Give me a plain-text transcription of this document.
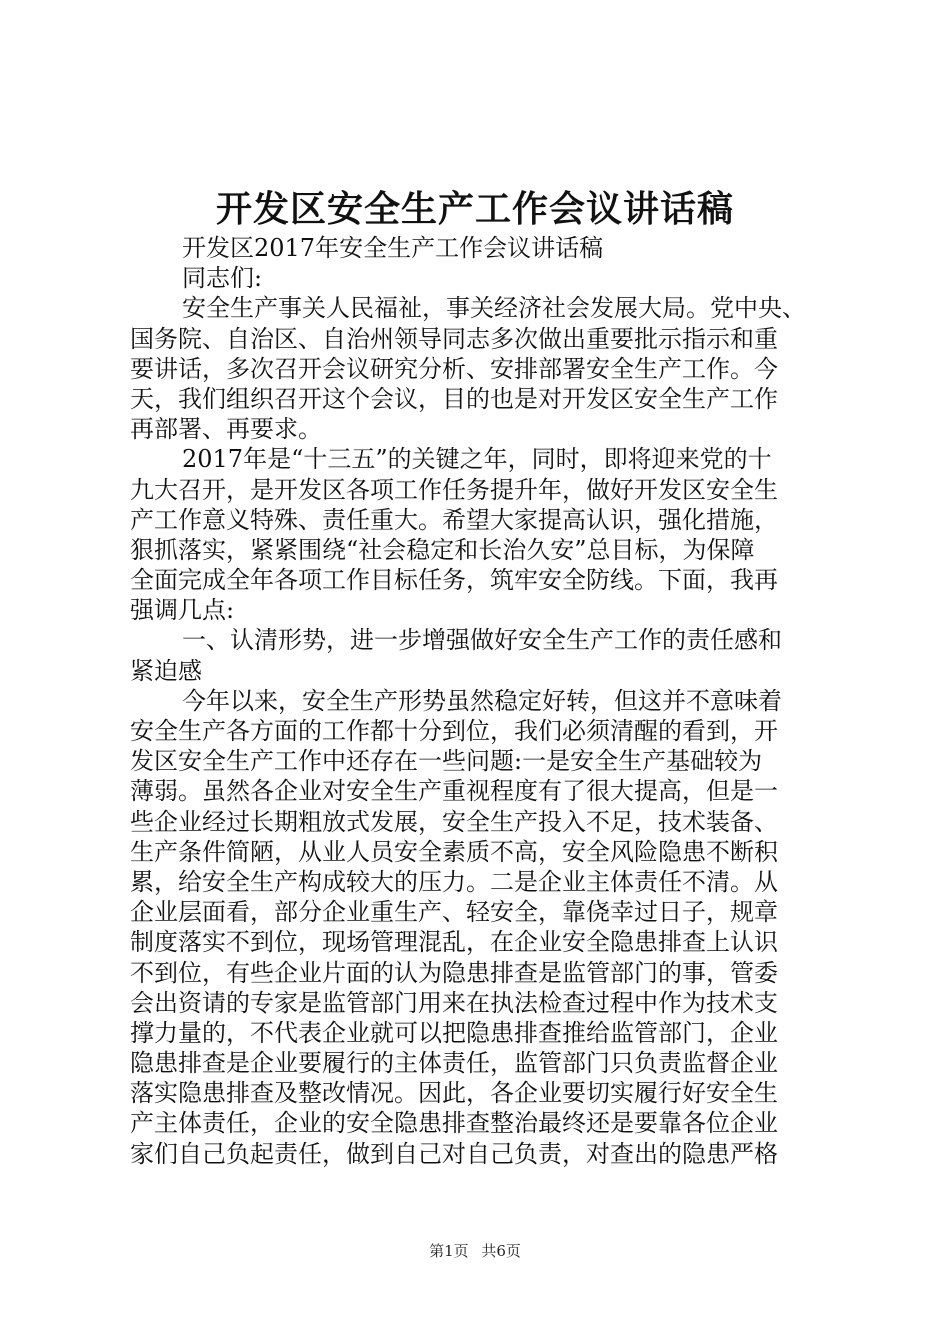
开发区安全生产工作会议讲话稿
开发区2017年安全生产工作会议讲话稿
同志们:
安全生产事关人民福祉，事关经济社会发展大局。党中央、
国务院、自治区、自治州领导同志多次做出重要批示指示和重
要讲话，多次召开会议研究分析、安排部署安全生产工作。今
天，我们组织召开这个会议，目的也是对开发区安全生产工作
再部署、再要求。
2017年是“十三五”的关键之年，同时，即将迎来党的十
九大召开，是开发区各项工作任务提升年，做好开发区安全生
产工作意义特殊、责任重大。希望大家提高认识，强化措施，
狠抓落实，紧紧围绕“社会稳定和长治久安”总目标，为保障
全面完成全年各项工作目标任务，筑牢安全防线。下面，我再
强调几点:
一、认清形势，进一步增强做好安全生产工作的责任感和
紧迫感
今年以来，安全生产形势虽然稳定好转，但这并不意味着
安全生产各方面的工作都十分到位，我们必须清醒的看到，开
发区安全生产工作中还存在一些问题:一是安全生产基础较为
薄弱。虽然各企业对安全生产重视程度有了很大提高，但是一
些企业经过长期粗放式发展，安全生产投入不足，技术装备、
生产条件简陋，从业人员安全素质不高，安全风险隐患不断积
累，给安全生产构成较大的压力。二是企业主体责任不清。从
企业层面看，部分企业重生产、轻安全，靠侥幸过日子，规章
制度落实不到位，现场管理混乱，在企业安全隐患排查上认识
不到位，有些企业片面的认为隐患排查是监管部门的事，管委
会出资请的专家是监管部门用来在执法检查过程中作为技术支
撑力量的，不代表企业就可以把隐患排查推给监管部门，企业
隐患排查是企业要履行的主体责任，监管部门只负责监督企业
落实隐患排查及整改情况。因此，各企业要切实履行好安全生
产主体责任，企业的安全隐患排查整治最终还是要靠各位企业
家们自己负起责任，做到自己对自己负责，对查出的隐患严格
第1页 共6页
